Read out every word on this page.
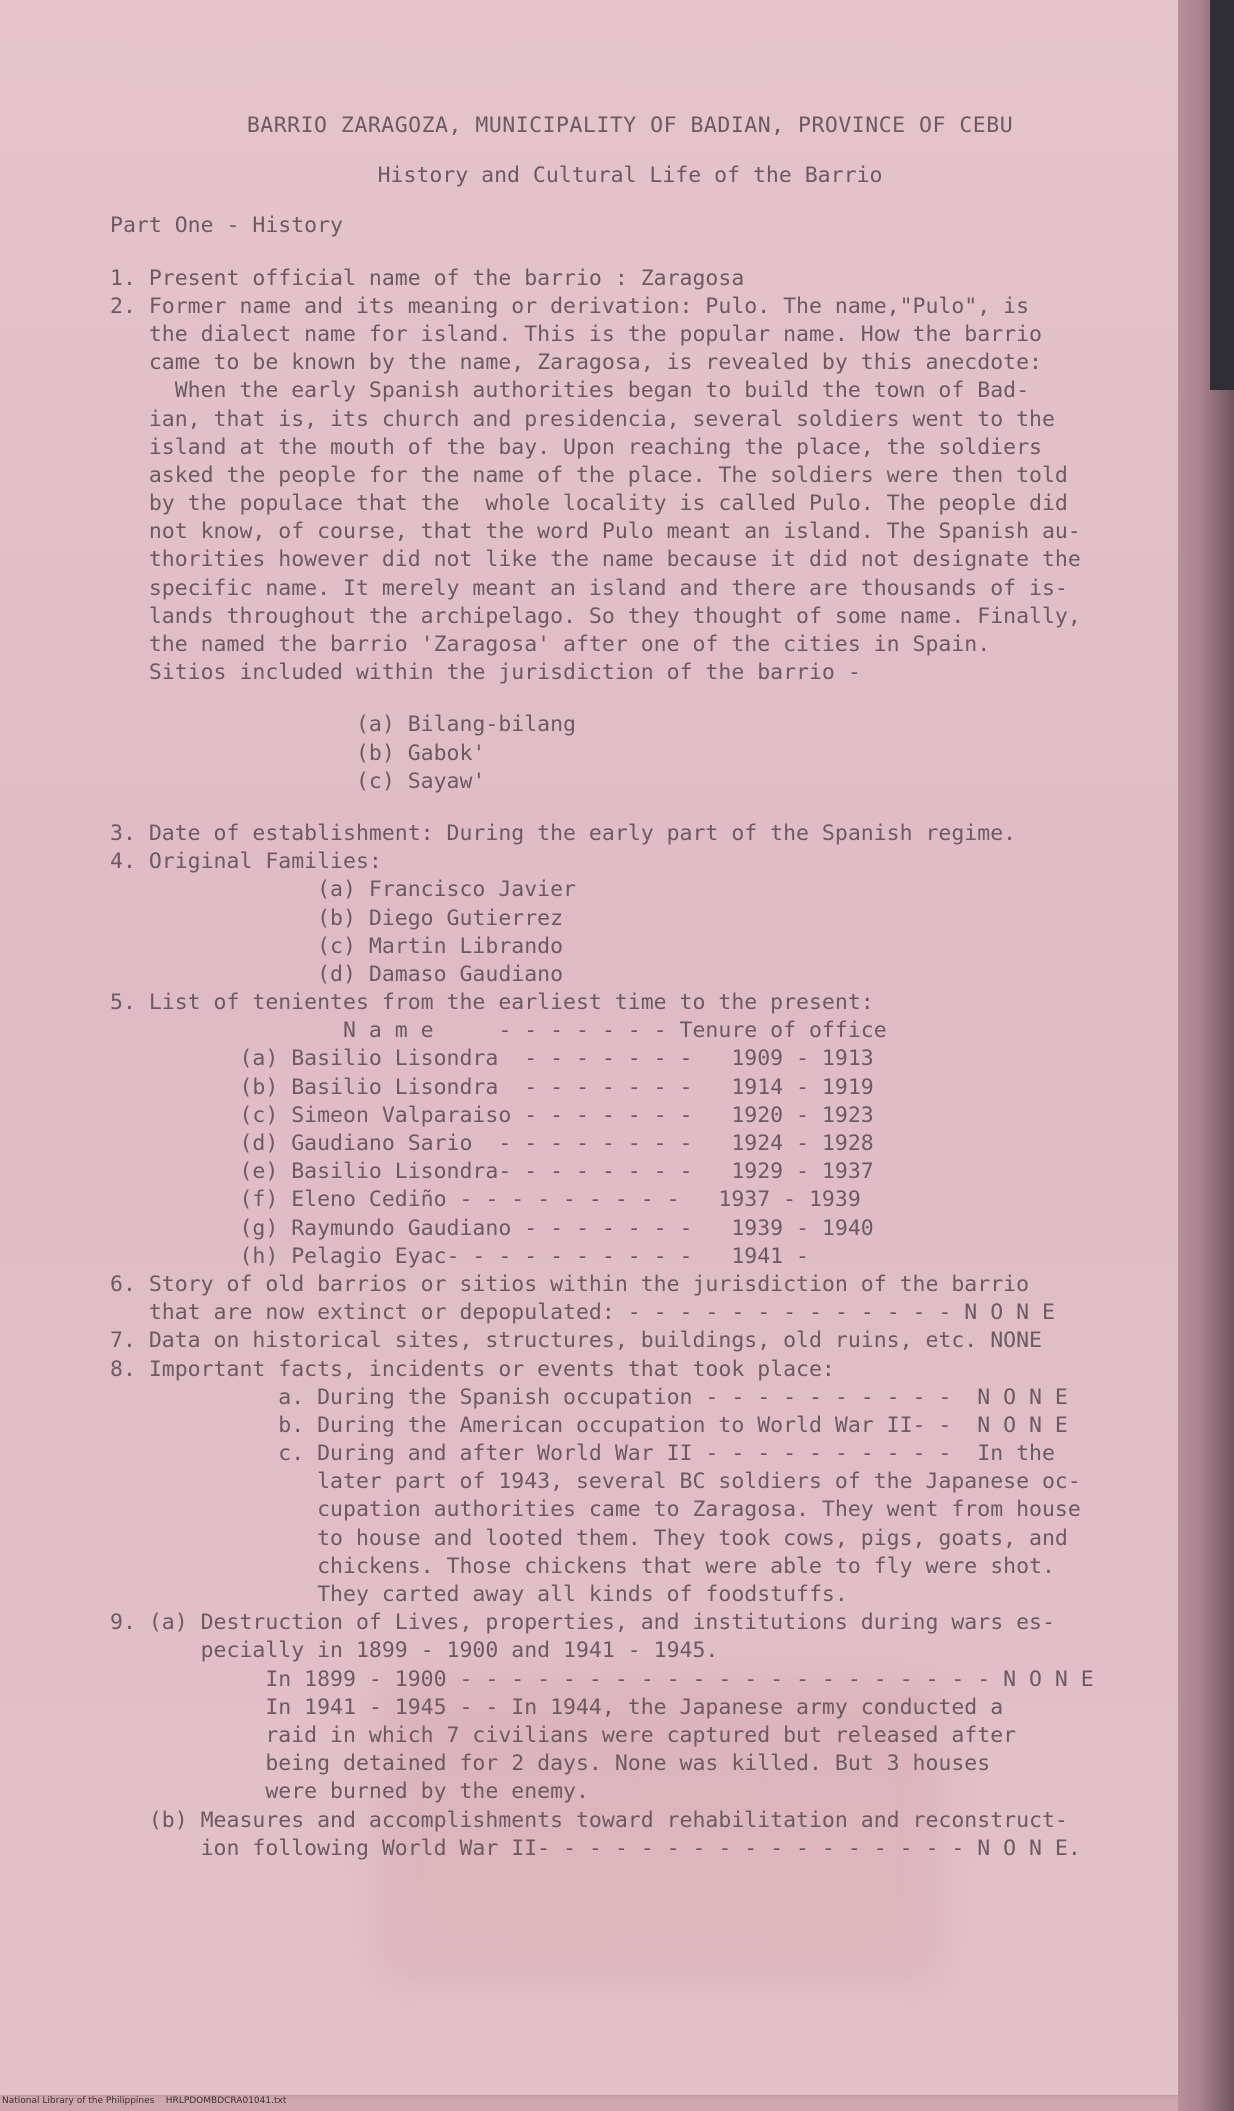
BARRIO ZARAGOZA, MUNICIPALITY OF BADIAN, PROVINCE OF CEBU
History and Cultural Life of the Barrio
Part One - History
1. Present official name of the barrio : Zaragosa
2. Former name and its meaning or derivation: Pulo. The name,"Pulo", is
the dialect name for island. This is the popular name. How the barrio
came to be known by the name, Zaragosa, is revealed by this anecdote:
When the early Spanish authorities began to build the town of Bad-
ian, that is, its church and presidencia, several soldiers went to the
island at the mouth of the bay. Upon reaching the place, the soldiers
asked the people for the name of the place. The soldiers were then told
by the populace that the  whole locality is called Pulo. The people did
not know, of course, that the word Pulo meant an island. The Spanish au-
thorities however did not like the name because it did not designate the
specific name. It merely meant an island and there are thousands of is-
lands throughout the archipelago. So they thought of some name. Finally,
the named the barrio 'Zaragosa' after one of the cities in Spain.
Sitios included within the jurisdiction of the barrio -
(a) Bilang-bilang
(b) Gabok'
(c) Sayaw'
3. Date of establishment: During the early part of the Spanish regime.
4. Original Families:
(a) Francisco Javier
(b) Diego Gutierrez
(c) Martin Librando
(d) Damaso Gaudiano
5. List of tenientes from the earliest time to the present:
N a m e     - - - - - - - Tenure of office
(a) Basilio Lisondra  - - - - - - -   1909 - 1913
(b) Basilio Lisondra  - - - - - - -   1914 - 1919
(c) Simeon Valparaiso - - - - - - -   1920 - 1923
(d) Gaudiano Sario  - - - - - - - -   1924 - 1928
(e) Basilio Lisondra- - - - - - - -   1929 - 1937
(f) Eleno Cediño - - - - - - - - -   1937 - 1939
(g) Raymundo Gaudiano - - - - - - -   1939 - 1940
(h) Pelagio Eyac- - - - - - - - - -   1941 -
6. Story of old barrios or sitios within the jurisdiction of the barrio
that are now extinct or depopulated: - - - - - - - - - - - - - N O N E
7. Data on historical sites, structures, buildings, old ruins, etc. NONE
8. Important facts, incidents or events that took place:
a. During the Spanish occupation - - - - - - - - - -  N O N E
b. During the American occupation to World War II- -  N O N E
c. During and after World War II - - - - - - - - - -  In the
later part of 1943, several BC soldiers of the Japanese oc-
cupation authorities came to Zaragosa. They went from house
to house and looted them. They took cows, pigs, goats, and
chickens. Those chickens that were able to fly were shot.
They carted away all kinds of foodstuffs.
9. (a) Destruction of Lives, properties, and institutions during wars es-
pecially in 1899 - 1900 and 1941 - 1945.
In 1899 - 1900 - - - - - - - - - - - - - - - - - - - - - N O N E
In 1941 - 1945 - - In 1944, the Japanese army conducted a
raid in which 7 civilians were captured but released after
being detained for 2 days. None was killed. But 3 houses
were burned by the enemy.
(b) Measures and accomplishments toward rehabilitation and reconstruct-
ion following World War II- - - - - - - - - - - - - - - - - N O N E.
National Library of the Philippines    HRLPDOMBDCRA01041.txt
